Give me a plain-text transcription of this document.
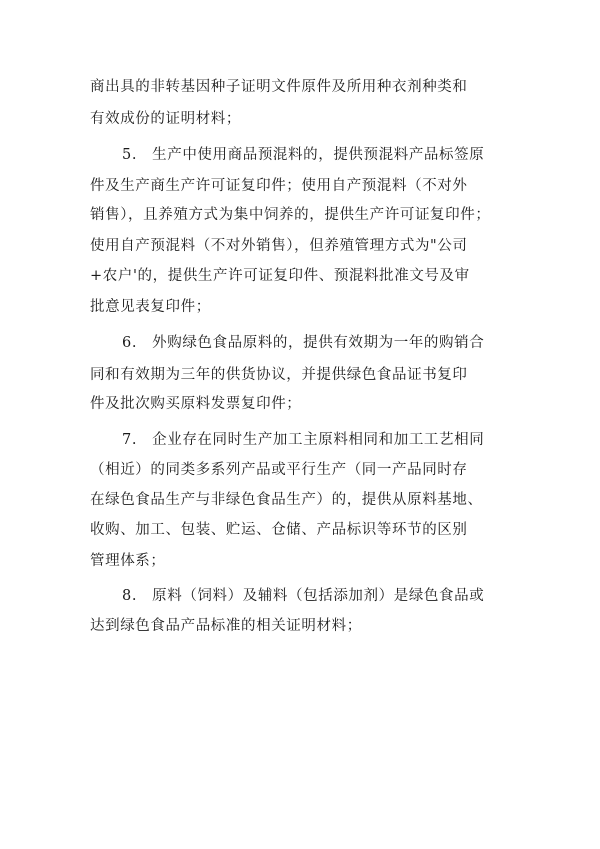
商出具的非转基因种子证明文件原件及所用种衣剂种类和
有效成份的证明材料；
5.　生产中使用商品预混料的，提供预混料产品标签原
件及生产商生产许可证复印件；使用自产预混料（不对外
销售），且养殖方式为集中饲养的，提供生产许可证复印件；
使用自产预混料（不对外销售），但养殖管理方式为"公司
+农户'的，提供生产许可证复印件、预混料批准文号及审
批意见表复印件；
6.　外购绿色食品原料的，提供有效期为一年的购销合
同和有效期为三年的供货协议，并提供绿色食品证书复印
件及批次购买原料发票复印件；
7.　企业存在同时生产加工主原料相同和加工工艺相同
（相近）的同类多系列产品或平行生产（同一产品同时存
在绿色食品生产与非绿色食品生产）的，提供从原料基地、
收购、加工、包装、贮运、仓储、产品标识等环节的区别
管理体系；
8.　原料（饲料）及辅料（包括添加剂）是绿色食品或
达到绿色食品产品标准的相关证明材料；
